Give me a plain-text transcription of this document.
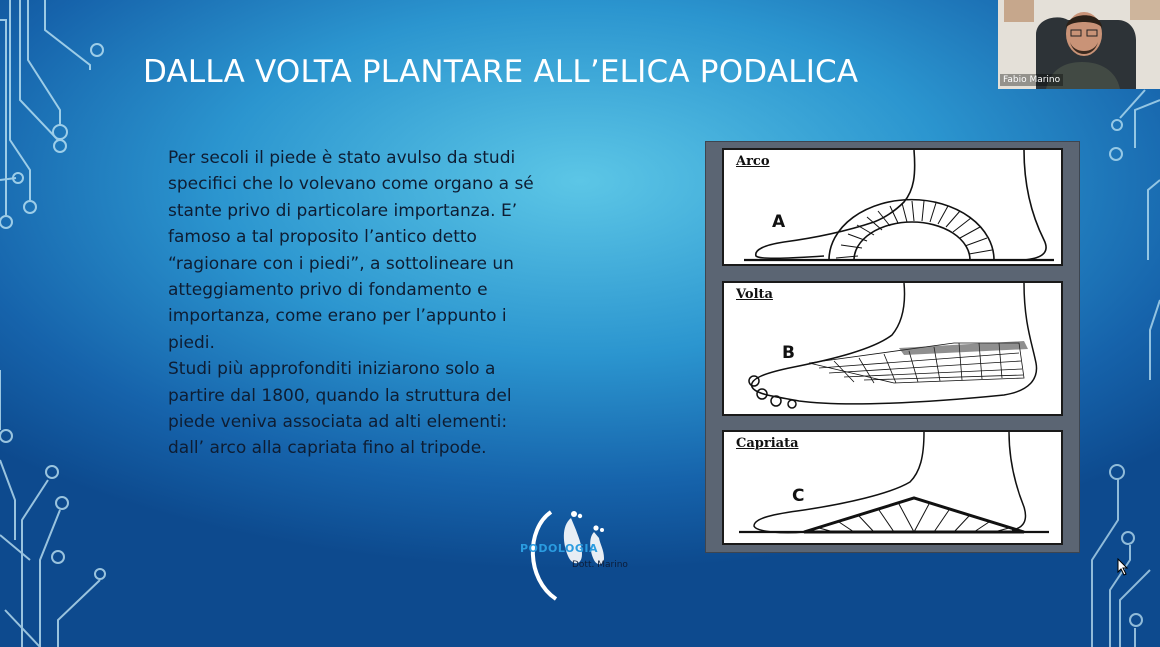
DALLA VOLTA PLANTARE ALL’ELICA PODALICA

Per secoli il piede è stato avulso da studi specifici che lo volevano come organo a sé stante privo di particolare importanza. E’ famoso a tal proposito l’antico detto “ragionare con i piedi”, a sottolineare un atteggiamento privo di fondamento e importanza, come erano per l’appunto i piedi.

Studi più approfonditi iniziarono solo a partire dal 1800, quando la struttura del piede veniva associata ad alti elementi: dall’ arco alla capriata fino al tripode.

Arco
A
Volta
B
Capriata
C
PODOLOGIA
Dott. Marino
Fabio Marino
